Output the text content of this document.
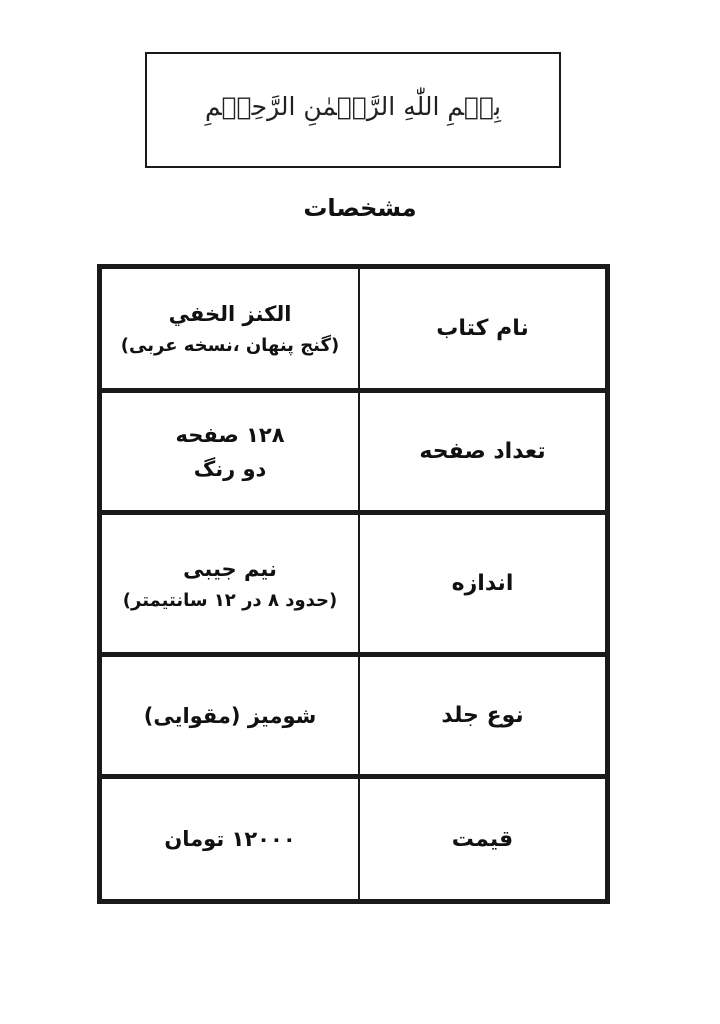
بِسۡمِ اللّٰهِ الرَّحۡمٰنِ الرَّحِيۡمِ
مشخصات
نام کتاب
الکنز الخفي
(گنج پنهان ،نسخه عربی)
تعداد صفحه
۱۲۸ صفحه
دو رنگ
اندازه
نیم جیبی
(حدود ۸ در ۱۲ سانتیمتر)
نوع جلد
شومیز (مقوایی)
قیمت
۱۲۰۰۰ تومان
